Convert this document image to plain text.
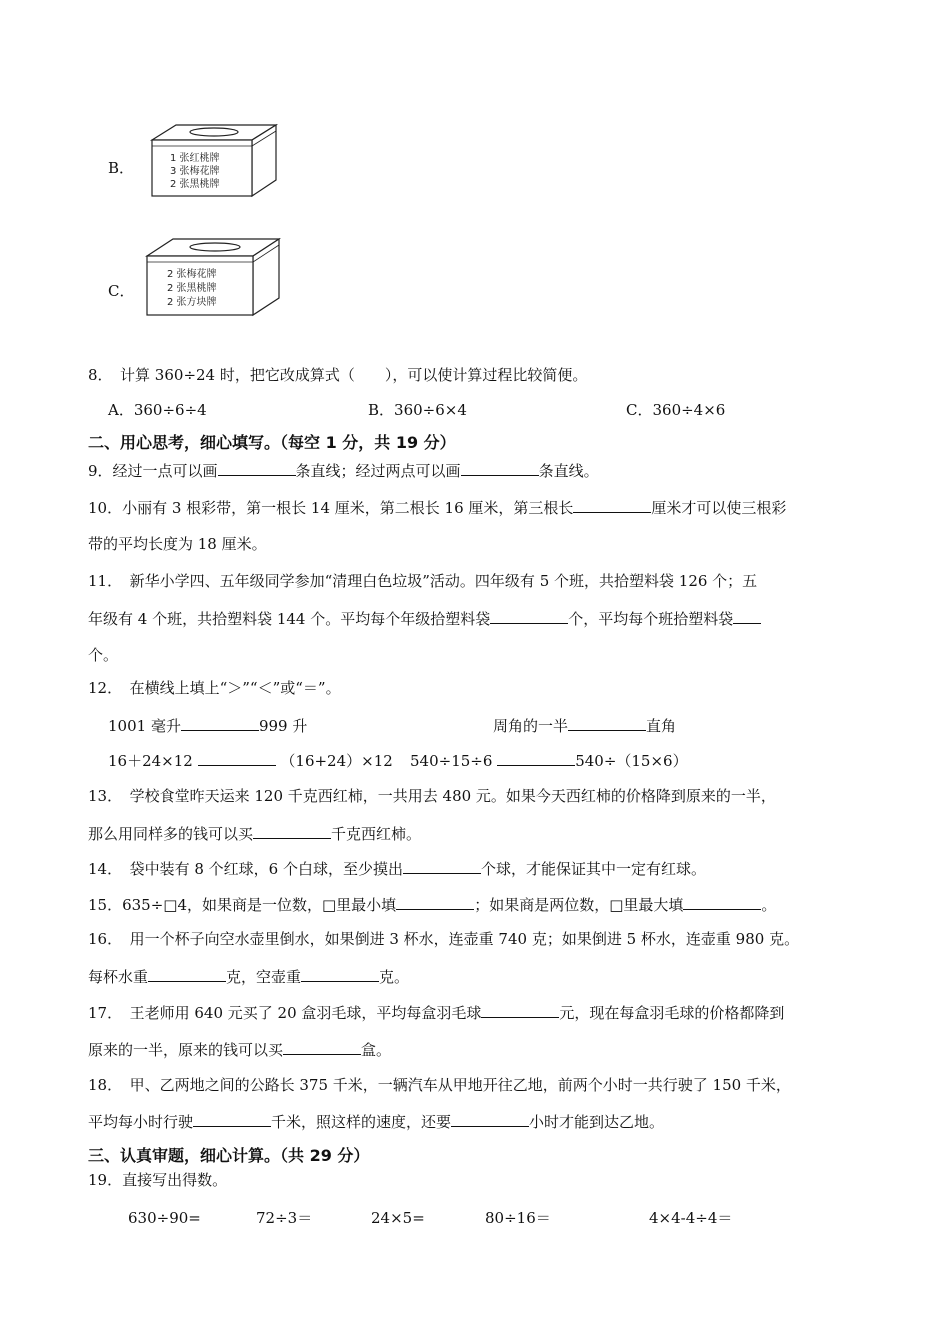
B．
1 张红桃牌
3 张梅花牌
2 张黑桃牌
C．
2 张梅花牌
2 张黑桃牌
2 张方块牌
8．　计算 360÷24 时，把它改成算式（　　），可以使计算过程比较简便。
A．360÷6÷4	B．360÷6×4	C．360÷4×6
二、用心思考，细心填写。（每空 1 分，共 19 分）
9．经过一点可以画	条直线；经过两点可以画	条直线。
10．小丽有 3 根彩带，第一根长 14 厘米，第二根长 16 厘米，第三根长	厘米才可以使三根彩
带的平均长度为 18 厘米。
11．　新华小学四、五年级同学参加“清理白色垃圾”活动。四年级有 5 个班，共拾塑料袋 126 个；五
年级有 4 个班，共拾塑料袋 144 个。平均每个年级拾塑料袋	个，平均每个班拾塑料袋
个。
12．　在横线上填上“＞”“＜”或“＝”。
1001 毫升	999 升	周角的一半	直角
16＋24×12	（16+24）×12 540÷15÷6	540÷（15×6）
13．　学校食堂昨天运来 120 千克西红柿，一共用去 480 元。如果今天西红柿的价格降到原来的一半，
那么用同样多的钱可以买	千克西红柿。
14．　袋中装有 8 个红球，6 个白球，至少摸出	个球，才能保证其中一定有红球。
15．635÷□4，如果商是一位数，□里最小填	；如果商是两位数，□里最大填	。
16．　用一个杯子向空水壶里倒水，如果倒进 3 杯水，连壶重 740 克；如果倒进 5 杯水，连壶重 980 克。
每杯水重	克，空壶重	克。
17．　王老师用 640 元买了 20 盒羽毛球，平均每盒羽毛球	元，现在每盒羽毛球的价格都降到
原来的一半，原来的钱可以买	盒。
18．　甲、乙两地之间的公路长 375 千米，一辆汽车从甲地开往乙地，前两个小时一共行驶了 150 千米，
平均每小时行驶	千米，照这样的速度，还要	小时才能到达乙地。
三、认真审题，细心计算。（共 29 分）
19．直接写出得数。
630÷90=	72÷3＝	24×5=	80÷16＝	4×4-4÷4＝
